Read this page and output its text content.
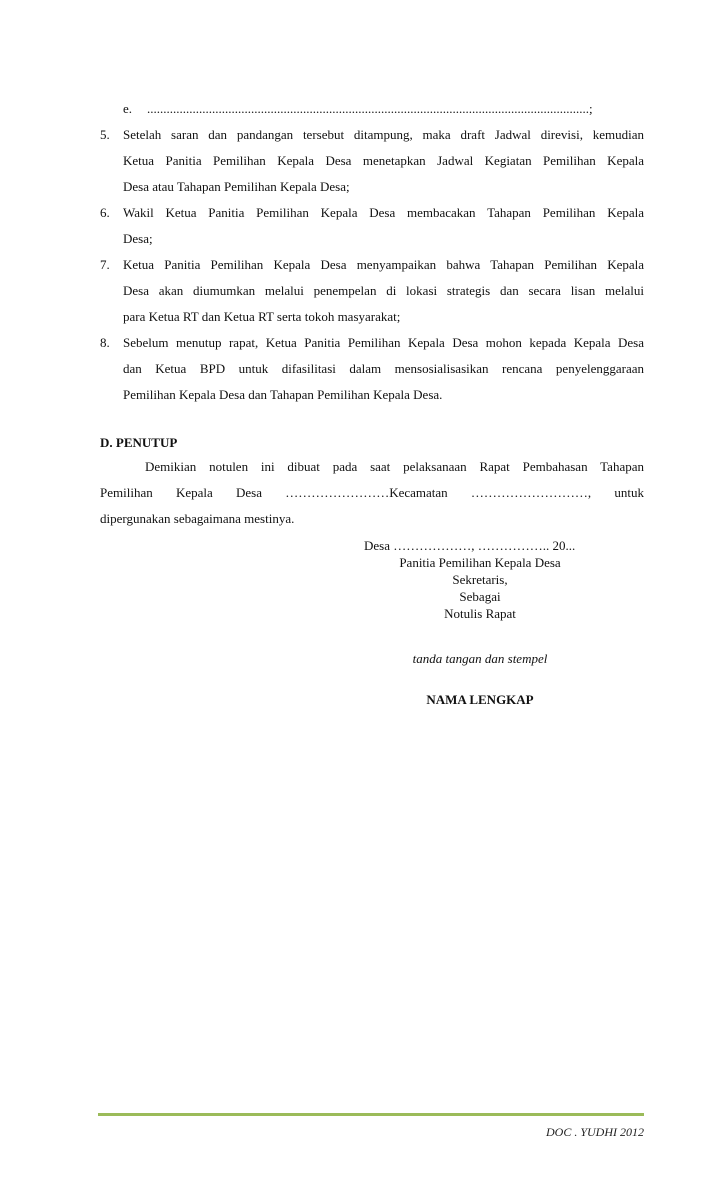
e. ........................................................................................................................................;
5. Setelah saran dan pandangan tersebut ditampung, maka draft Jadwal direvisi, kemudian
Ketua Panitia Pemilihan Kepala Desa menetapkan Jadwal Kegiatan Pemilihan Kepala
Desa atau Tahapan Pemilihan Kepala Desa;
6. Wakil Ketua Panitia Pemilihan Kepala Desa membacakan Tahapan Pemilihan Kepala
Desa;
7. Ketua Panitia Pemilihan Kepala Desa menyampaikan bahwa Tahapan Pemilihan Kepala
Desa akan diumumkan melalui penempelan di lokasi strategis dan secara lisan melalui
para Ketua RT dan Ketua RT serta tokoh masyarakat;
8. Sebelum menutup rapat, Ketua Panitia Pemilihan Kepala Desa mohon kepada Kepala Desa
dan Ketua BPD untuk difasilitasi dalam mensosialisasikan rencana penyelenggaraan
Pemilihan Kepala Desa dan Tahapan Pemilihan Kepala Desa.
D. PENUTUP
Demikian notulen ini dibuat pada saat pelaksanaan Rapat Pembahasan Tahapan
Pemilihan Kepala Desa ……………………Kecamatan ………………………, untuk
dipergunakan sebagaimana mestinya.
Desa ………………, …………….. 20...
Panitia Pemilihan Kepala Desa
Sekretaris,
Sebagai
Notulis Rapat
tanda tangan dan stempel
NAMA LENGKAP
DOC . YUDHI 2012
